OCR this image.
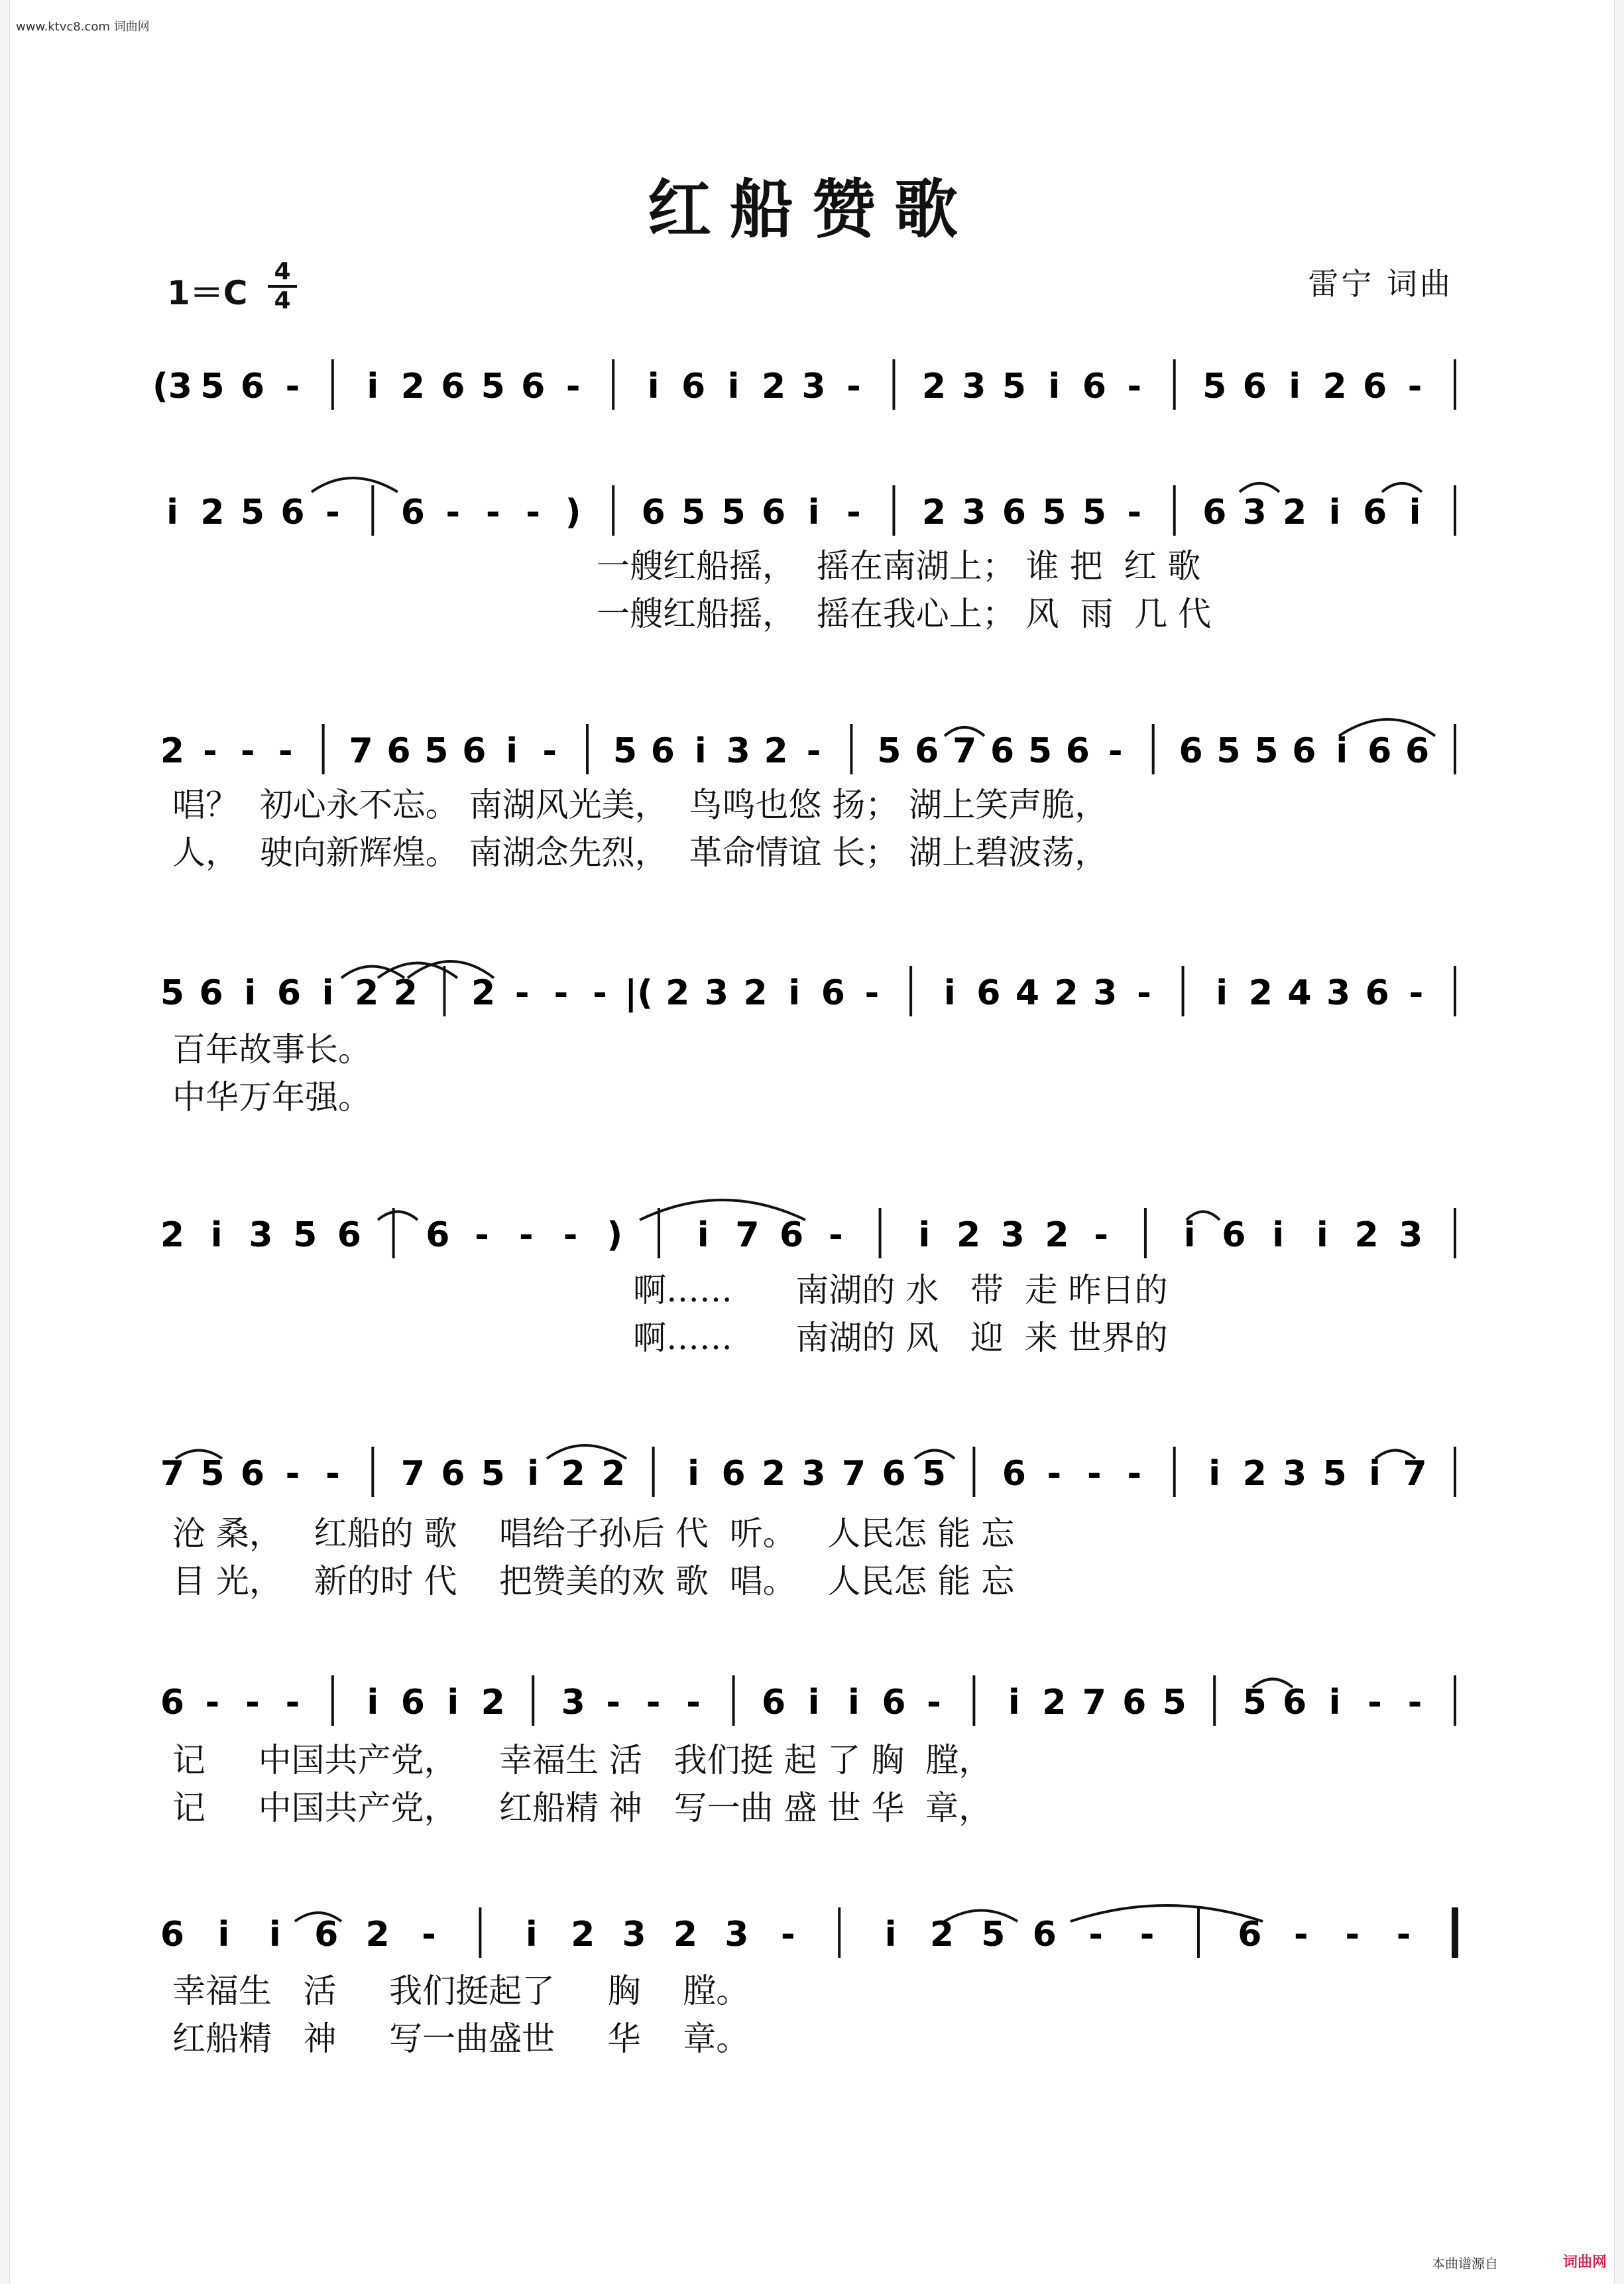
www.ktvc8.com 词曲网
红船赞歌
1＝C
4
4	雷宁 词曲
(3 5 6 - i 2 6 5 6 - i 6 i 2 3 - 2 3 5 i 6 - 5 6 i 2 6 -
i 2 5 6 - 6 - - - ) 6 5 5 6 i - 2 3 6 5 5 - 6 3 2 i 6 i
2 - - - 7 6 5 6 i - 5 6 i 3 2 - 5 6 7 6 5 6 - 6 5 5 6 i 6 6
5 6 i 6 i 2 2 2 - - - |( 2 3 2 i 6 - i 6 4 2 3 - i 2 4 3 6 -
2 i 3 5 6 6 - - - ) i 7 6 - i 2 3 2 - i 6 i i 2 3
7 5 6 - - 7 6 5 i 2 2 i 6 2 3 7 6 5 6 - - - i 2 3 5 i 7
6 - - - i 6 i 2 3 - - - 6 i i 6 - i 2 7 6 5 5 6 i - -
6 i i 6 2 -	i 2 3 2 3 -	i 2 5 6 - - 6 - - -
一艘红船摇，  摇在南湖上； 谁 把  红 歌
一艘红船摇，  摇在我心上； 风  雨  几 代
唱？  初心永不忘。 南湖风光美，  鸟鸣也悠 扬； 湖上笑声脆，
人，  驶向新辉煌。 南湖念先烈，  革命情谊 长； 湖上碧波荡，
百年故事长。
中华万年强。
啊……      南湖的 水   带  走 昨日的
啊……      南湖的 风   迎  来 世界的
沧 桑，   红船的 歌    唱给子孙后 代  听。   人民怎 能 忘
目 光，   新的时 代    把赞美的欢 歌  唱。   人民怎 能 忘
记     中国共产党，    幸福生 活   我们挺 起 了 胸  膛，
记     中国共产党，    红船精 神   写一曲 盛 世 华  章，
幸福生   活     我们挺起了     胸    膛。
红船精   神     写一曲盛世     华    章。
本曲谱源自	词曲网
